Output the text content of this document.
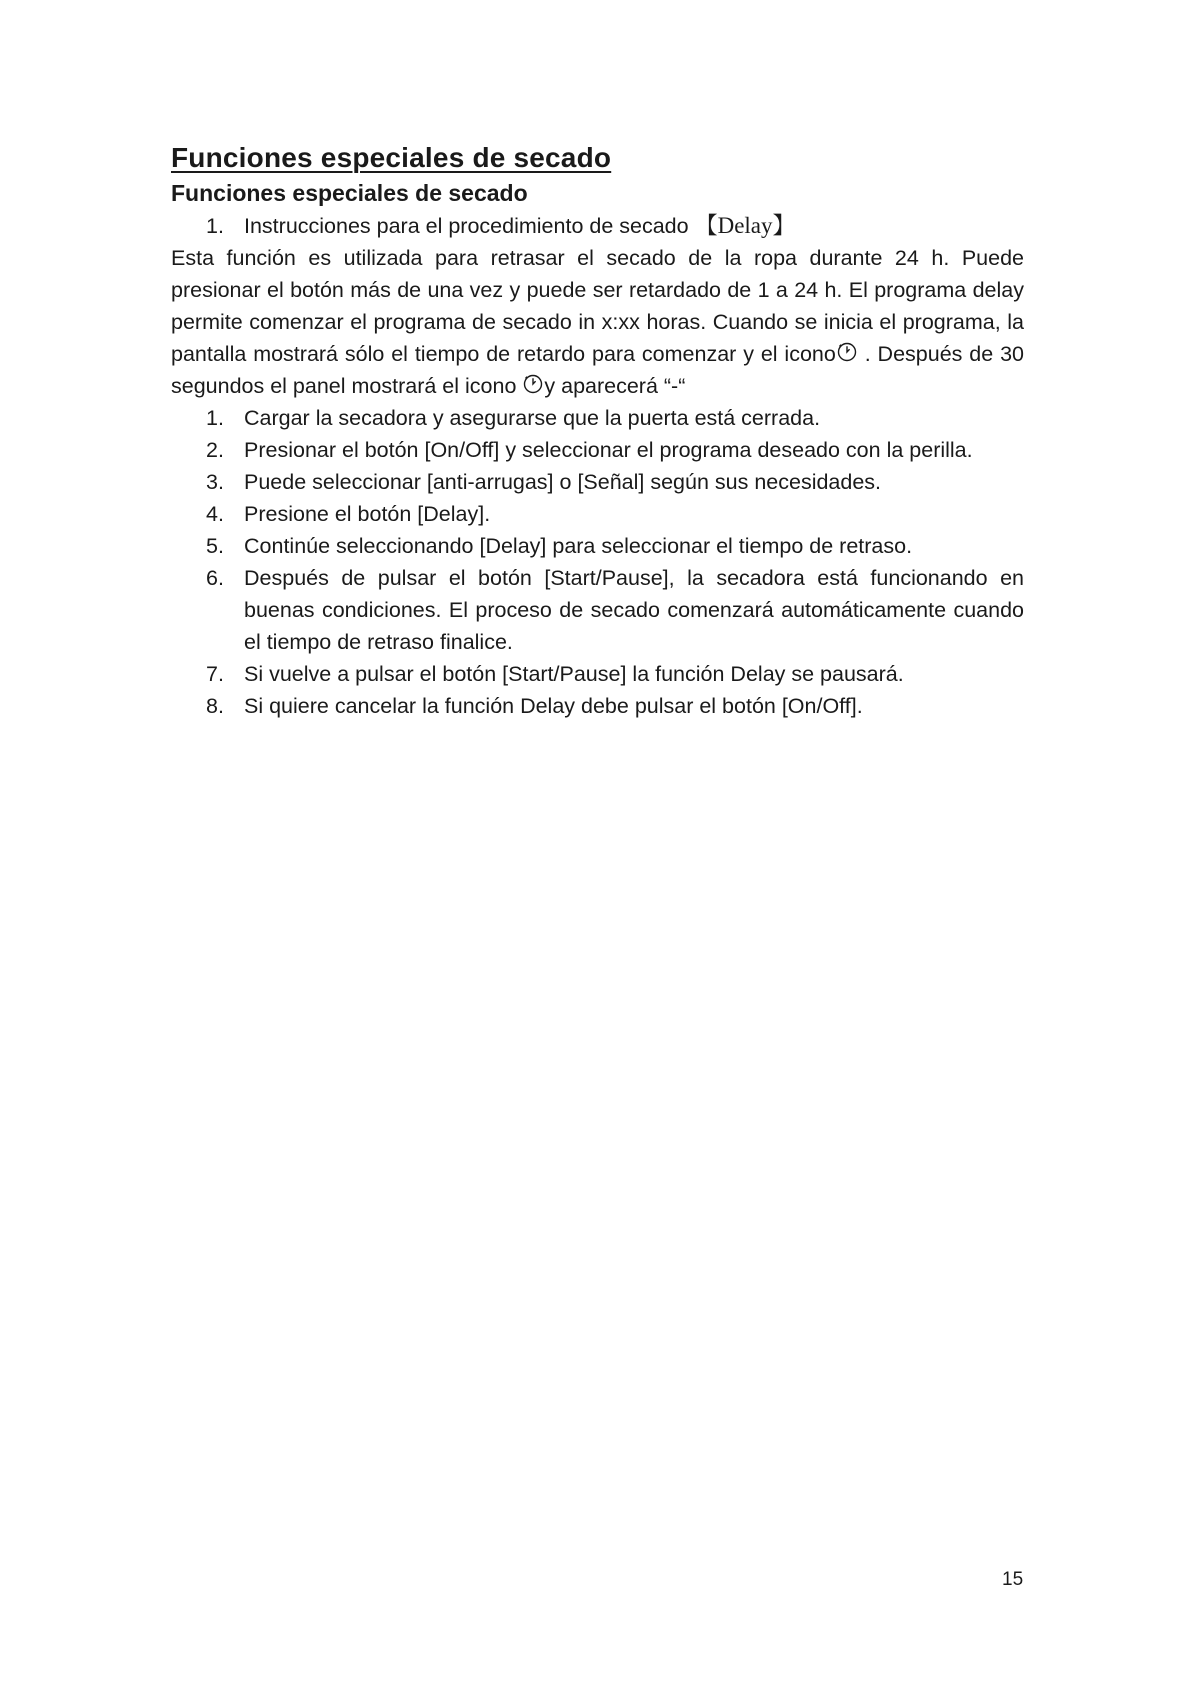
Funciones especiales de secado
Funciones especiales de secado
1. Instrucciones para el procedimiento de secado 【Delay】

Esta función es utilizada para retrasar el secado de la ropa durante 24 h. Puede presionar el botón más de una vez y puede ser retardado de 1 a 24 h. El programa delay permite comenzar el programa de secado in x:xx horas. Cuando se inicia el programa, la pantalla mostrará sólo el tiempo de retardo para comenzar y el icono . Después de 30 segundos el panel mostrará el icono y aparecerá “-“

1. Cargar la secadora y asegurarse que la puerta está cerrada.
2. Presionar el botón [On/Off] y seleccionar el programa deseado con la perilla.
3. Puede seleccionar [anti-arrugas] o [Señal] según sus necesidades.
4. Presione el botón [Delay].
5. Continúe seleccionando [Delay] para seleccionar el tiempo de retraso.
6. Después de pulsar el botón [Start/Pause], la secadora está funcionando en buenas condiciones. El proceso de secado comenzará automáticamente cuando el tiempo de retraso finalice.
7. Si vuelve a pulsar el botón [Start/Pause] la función Delay se pausará.
8. Si quiere cancelar la función Delay debe pulsar el botón [On/Off].
15
